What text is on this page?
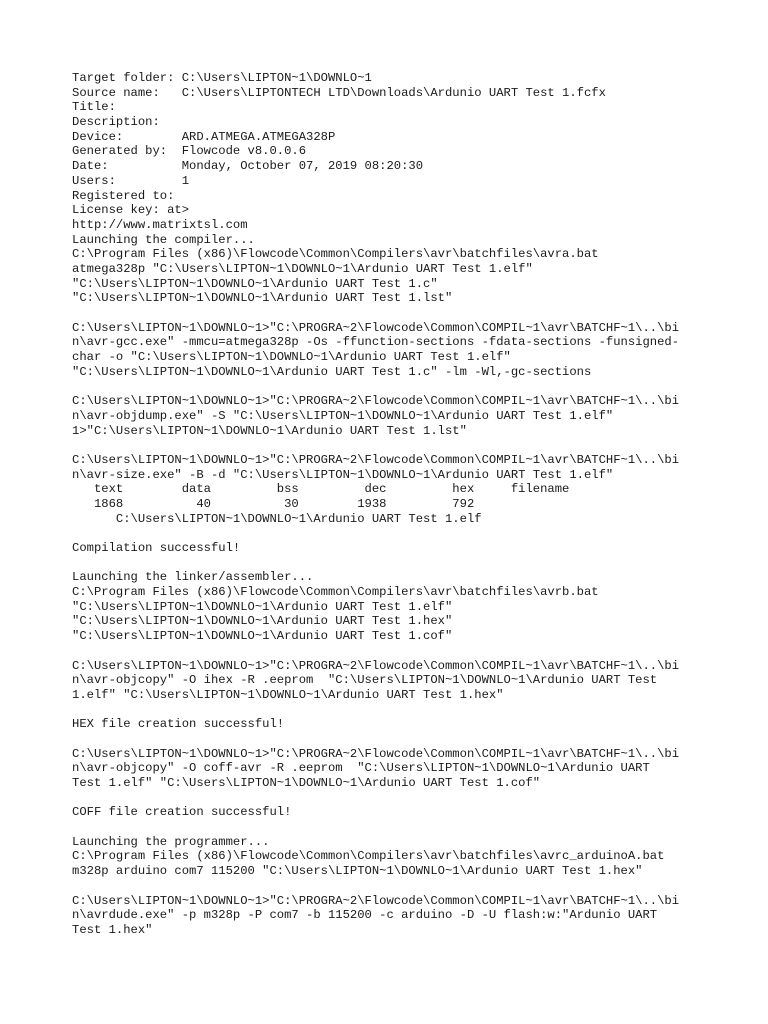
Target folder: C:\Users\LIPTON~1\DOWNLO~1
Source name:   C:\Users\LIPTONTECH LTD\Downloads\Ardunio UART Test 1.fcfx
Title:
Description:
Device:        ARD.ATMEGA.ATMEGA328P
Generated by:  Flowcode v8.0.0.6
Date:          Monday, October 07, 2019 08:20:30
Users:         1
Registered to:
License key: at>
http://www.matrixtsl.com
Launching the compiler...
C:\Program Files (x86)\Flowcode\Common\Compilers\avr\batchfiles\avra.bat
atmega328p "C:\Users\LIPTON~1\DOWNLO~1\Ardunio UART Test 1.elf"
"C:\Users\LIPTON~1\DOWNLO~1\Ardunio UART Test 1.c"
"C:\Users\LIPTON~1\DOWNLO~1\Ardunio UART Test 1.lst"
C:\Users\LIPTON~1\DOWNLO~1>"C:\PROGRA~2\Flowcode\Common\COMPIL~1\avr\BATCHF~1\..\bi
n\avr-gcc.exe" -mmcu=atmega328p -Os -ffunction-sections -fdata-sections -funsigned-
char -o "C:\Users\LIPTON~1\DOWNLO~1\Ardunio UART Test 1.elf"
"C:\Users\LIPTON~1\DOWNLO~1\Ardunio UART Test 1.c" -lm -Wl,-gc-sections
C:\Users\LIPTON~1\DOWNLO~1>"C:\PROGRA~2\Flowcode\Common\COMPIL~1\avr\BATCHF~1\..\bi
n\avr-objdump.exe" -S "C:\Users\LIPTON~1\DOWNLO~1\Ardunio UART Test 1.elf"
1>"C:\Users\LIPTON~1\DOWNLO~1\Ardunio UART Test 1.lst"
C:\Users\LIPTON~1\DOWNLO~1>"C:\PROGRA~2\Flowcode\Common\COMPIL~1\avr\BATCHF~1\..\bi
n\avr-size.exe" -B -d "C:\Users\LIPTON~1\DOWNLO~1\Ardunio UART Test 1.elf"
text        data         bss         dec         hex     filename
1868          40          30        1938         792
C:\Users\LIPTON~1\DOWNLO~1\Ardunio UART Test 1.elf
Compilation successful!
Launching the linker/assembler...
C:\Program Files (x86)\Flowcode\Common\Compilers\avr\batchfiles\avrb.bat
"C:\Users\LIPTON~1\DOWNLO~1\Ardunio UART Test 1.elf"
"C:\Users\LIPTON~1\DOWNLO~1\Ardunio UART Test 1.hex"
"C:\Users\LIPTON~1\DOWNLO~1\Ardunio UART Test 1.cof"
C:\Users\LIPTON~1\DOWNLO~1>"C:\PROGRA~2\Flowcode\Common\COMPIL~1\avr\BATCHF~1\..\bi
n\avr-objcopy" -O ihex -R .eeprom  "C:\Users\LIPTON~1\DOWNLO~1\Ardunio UART Test
1.elf" "C:\Users\LIPTON~1\DOWNLO~1\Ardunio UART Test 1.hex"
HEX file creation successful!
C:\Users\LIPTON~1\DOWNLO~1>"C:\PROGRA~2\Flowcode\Common\COMPIL~1\avr\BATCHF~1\..\bi
n\avr-objcopy" -O coff-avr -R .eeprom  "C:\Users\LIPTON~1\DOWNLO~1\Ardunio UART
Test 1.elf" "C:\Users\LIPTON~1\DOWNLO~1\Ardunio UART Test 1.cof"
COFF file creation successful!
Launching the programmer...
C:\Program Files (x86)\Flowcode\Common\Compilers\avr\batchfiles\avrc_arduinoA.bat
m328p arduino com7 115200 "C:\Users\LIPTON~1\DOWNLO~1\Ardunio UART Test 1.hex"
C:\Users\LIPTON~1\DOWNLO~1>"C:\PROGRA~2\Flowcode\Common\COMPIL~1\avr\BATCHF~1\..\bi
n\avrdude.exe" -p m328p -P com7 -b 115200 -c arduino -D -U flash:w:"Ardunio UART
Test 1.hex"
